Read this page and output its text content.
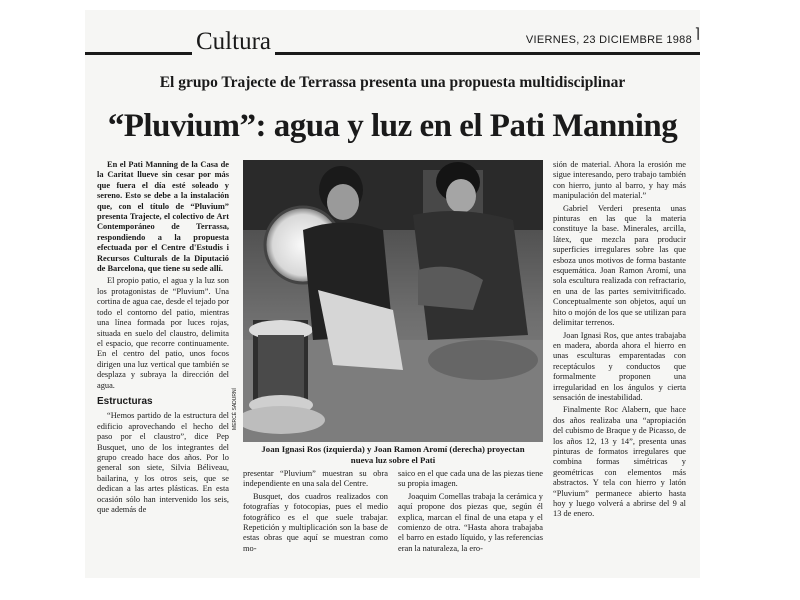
Cultura	VIERNES, 23 DICIEMBRE 1988 ⌉
El grupo Trajecte de Terrassa presenta una propuesta multidisciplinar
“Pluvium”: agua y luz en el Pati Manning

En el Pati Manning de la Casa de la Caritat llueve sin cesar por más que fuera el día esté soleado y sereno. Esto se debe a la instalación que, con el título de “Pluvium” presenta Trajecte, el colectivo de Art Contemporáneo de Terrassa, respondiendo a la propuesta efectuada por el Centre d'Estudis i Recursos Culturals de la Diputació de Barcelona, que tiene su sede allí.

El propio patio, el agua y la luz son los protagonistas de “Pluvium”. Una cortina de agua cae, desde el tejado por todo el contorno del patio, mientras una línea formada por luces rojas, situada en suelo del claustro, delimita el espacio, que recorre continuamente. En el centro del patio, unos focos dirigen una luz vertical que también se desplaza y subraya la dirección del agua.

Estructuras

“Hemos partido de la estructura del edificio aprovechando el hecho del paso por el claustro”, dice Pep Busquet, uno de los integrantes del grupo creado hace dos años. Por lo general son siete, Silvia Béliveau, bailarina, y los otros seis, que se dedican a las artes plásticas. En esta ocasión sólo han intervenido los seis, que además de

MERCÈ SADURNÍ
Joan Ignasi Ros (izquierda) y Joan Ramon Aromí (derecha) proyectan
nueva luz sobre el Pati

presentar “Pluvium” muestran su obra independiente en una sala del Centre.

Busquet, dos cuadros realizados con fotografías y fotocopias, pues el medio fotográfico es el que suele trabajar. Repetición y multiplicación son la base de estas obras que aquí se muestran como mo-

saico en el que cada una de las piezas tiene su propia imagen.

Joaquim Comellas trabaja la cerámica y aquí propone dos piezas que, según él explica, marcan el final de una etapa y el comienzo de otra. “Hasta ahora trabajaba el barro en estado líquido, y las referencias eran la naturaleza, la ero-

sión de material. Ahora la erosión me sigue interesando, pero trabajo también con hierro, junto al barro, y hay más manipulación del material.”

Gabriel Verderi presenta unas pinturas en las que la materia constituye la base. Minerales, arcilla, látex, que mezcla para producir superficies irregulares sobre las que esboza unos motivos de forma bastante esquemática. Joan Ramon Aromí, una sola escultura realizada con refractario, en una de las partes semivitrificado. Conceptualmente son objetos, aquí un hito o mojón de los que se utilizan para delimitar terrenos.

Joan Ignasi Ros, que antes trabajaba en madera, aborda ahora el hierro en unas esculturas emparentadas con receptáculos y conductos que formalmente proponen una irregularidad en los ángulos y cierta sensación de inestabilidad.

Finalmente Roc Alabern, que hace dos años realizaba una “apropiación del cubismo de Braque y de Picasso, de los años 12, 13 y 14”, presenta unas pinturas de formatos irregulares que combina formas simétricas y geométricas con elementos más abstractos. Y tela con hierro y latón “Pluvium” permanece abierto hasta hoy y luego volverá a abrirse del 9 al 13 de enero.
